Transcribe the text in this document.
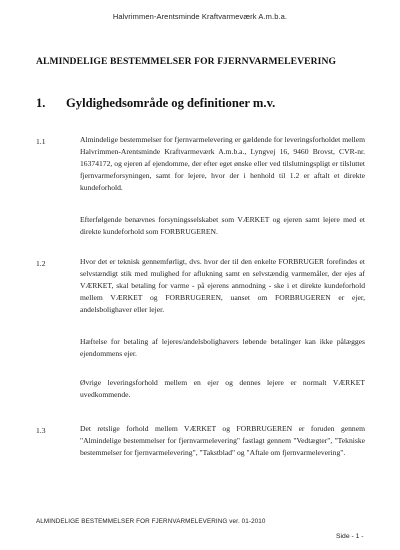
Halvrimmen-Arentsminde Kraftvarmeværk A.m.b.a.
ALMINDELIGE BESTEMMELSER FOR FJERNVARMELEVERING
1. Gyldighedsområde og definitioner m.v.
1.1	Almindelige bestemmelser for fjernvarmelevering er gældende for leveringsforholdet mellem Halvrimmen-Arentsminde Kraftvarmeværk A.m.b.a., Lyngvej 16, 9460 Brovst, CVR-nr. 16374172, og ejeren af ejendomme, der efter eget ønske eller ved tilslutningspligt er tilsluttet fjernvarmeforsyningen, samt for lejere, hvor der i henhold til 1.2 er aftalt et direkte kundeforhold.
Efterfølgende benævnes forsyningsselskabet som VÆRKET og ejeren samt lejere med et direkte kundeforhold som FORBRUGEREN.
1.2	Hvor det er teknisk gennemførligt, dvs. hvor der til den enkelte FORBRUGER forefindes et selvstændigt stik med mulighed for aflukning samt en selvstændig varmemåler, der ejes af VÆRKET, skal betaling for varme - på ejerens anmodning - ske i et direkte kundeforhold mellem VÆRKET og FORBRUGEREN, uanset om FORBRUGEREN er ejer, andelsbolighaver eller lejer.
Hæftelse for betaling af lejeres/andelsbolighavers løbende betalinger kan ikke pålægges ejendommens ejer.
Øvrige leveringsforhold mellem en ejer og dennes lejere er normalt VÆRKET uvedkommende.
1.3	Det retslige forhold mellem VÆRKET og FORBRUGEREN er foruden gennem "Almindelige bestemmelser for fjernvarmelevering" fastlagt gennem "Vedtægter", "Tekniske bestemmelser for fjernvarmelevering", "Takstblad" og "Aftale om fjernvarmelevering".
ALMINDELIGE BESTEMMELSER FOR FJERNVARMELEVERING ver. 01-2010
Side - 1 -
